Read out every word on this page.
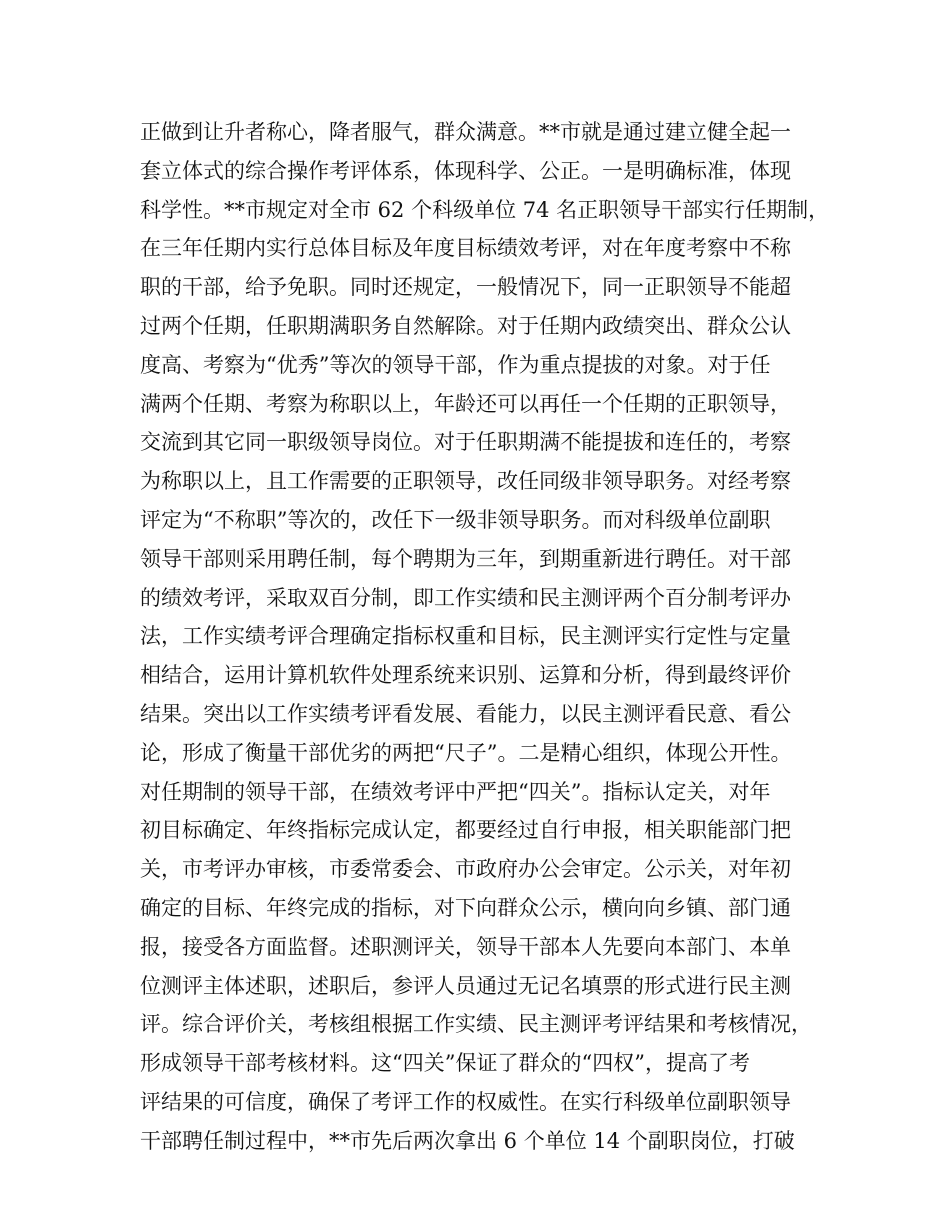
正做到让升者称心，降者服气，群众满意。**市就是通过建立健全起一
套立体式的综合操作考评体系，体现科学、公正。一是明确标准，体现
科学性。**市规定对全市 62 个科级单位 74 名正职领导干部实行任期制，
在三年任期内实行总体目标及年度目标绩效考评，对在年度考察中不称
职的干部，给予免职。同时还规定，一般情况下，同一正职领导不能超
过两个任期，任职期满职务自然解除。对于任期内政绩突出、群众公认
度高、考察为“优秀”等次的领导干部，作为重点提拔的对象。对于任
满两个任期、考察为称职以上，年龄还可以再任一个任期的正职领导，
交流到其它同一职级领导岗位。对于任职期满不能提拔和连任的，考察
为称职以上，且工作需要的正职领导，改任同级非领导职务。对经考察
评定为“不称职”等次的，改任下一级非领导职务。而对科级单位副职
领导干部则采用聘任制，每个聘期为三年，到期重新进行聘任。对干部
的绩效考评，采取双百分制，即工作实绩和民主测评两个百分制考评办
法，工作实绩考评合理确定指标权重和目标，民主测评实行定性与定量
相结合，运用计算机软件处理系统来识别、运算和分析，得到最终评价
结果。突出以工作实绩考评看发展、看能力，以民主测评看民意、看公
论，形成了衡量干部优劣的两把“尺子”。二是精心组织，体现公开性。
对任期制的领导干部，在绩效考评中严把“四关”。指标认定关，对年
初目标确定、年终指标完成认定，都要经过自行申报，相关职能部门把
关，市考评办审核，市委常委会、市政府办公会审定。公示关，对年初
确定的目标、年终完成的指标，对下向群众公示，横向向乡镇、部门通
报，接受各方面监督。述职测评关，领导干部本人先要向本部门、本单
位测评主体述职，述职后，参评人员通过无记名填票的形式进行民主测
评。综合评价关，考核组根据工作实绩、民主测评考评结果和考核情况，
形成领导干部考核材料。这“四关”保证了群众的“四权”，提高了考
评结果的可信度，确保了考评工作的权威性。在实行科级单位副职领导
干部聘任制过程中，**市先后两次拿出 6 个单位 14 个副职岗位，打破
